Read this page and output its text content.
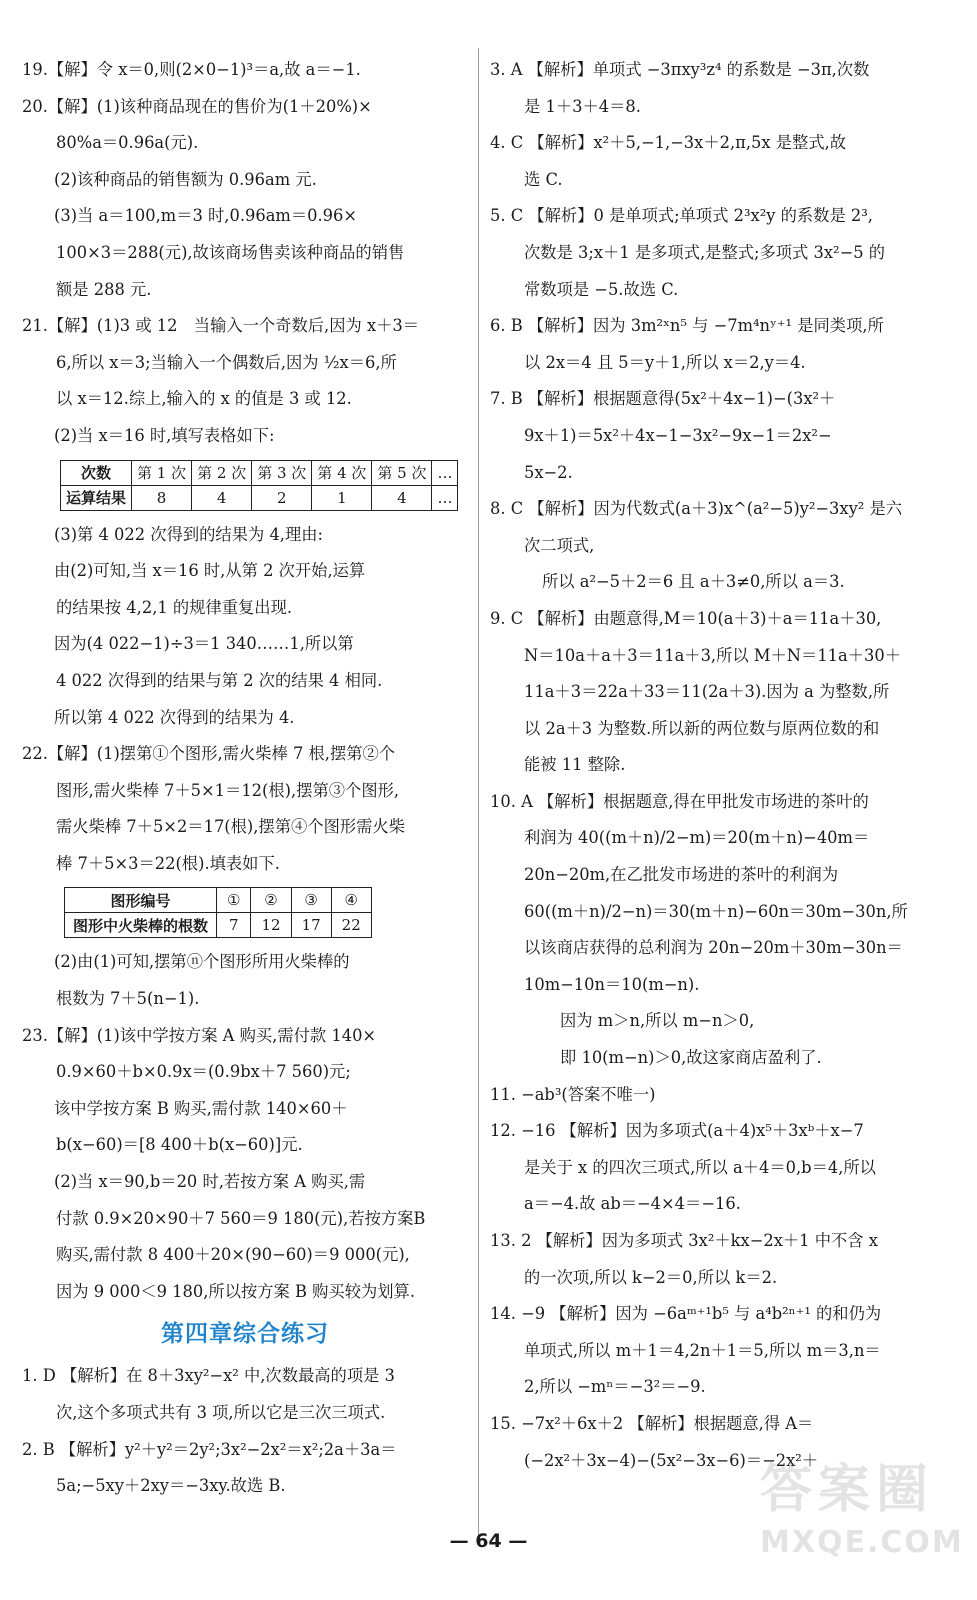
19.【解】令 x＝0,则(2×0−1)³＝a,故 a＝−1.
20.【解】(1)该种商品现在的售价为(1＋20%)×
80%a＝0.96a(元).
(2)该种商品的销售额为 0.96am 元.
(3)当 a＝100,m＝3 时,0.96am＝0.96×
100×3＝288(元),故该商场售卖该种商品的销售
额是 288 元.
21.【解】(1)3 或 12　当输入一个奇数后,因为 x＋3＝
6,所以 x＝3;当输入一个偶数后,因为 ½x＝6,所
以 x＝12.综上,输入的 x 的值是 3 或 12.
(2)当 x＝16 时,填写表格如下:
次数	第 1 次	第 2 次	第 3 次	第 4 次	第 5 次	…
运算结果	8	4	2	1	4	…
(3)第 4 022 次得到的结果为 4,理由:
由(2)可知,当 x＝16 时,从第 2 次开始,运算
的结果按 4,2,1 的规律重复出现.
因为(4 022−1)÷3＝1 340……1,所以第
4 022 次得到的结果与第 2 次的结果 4 相同.
所以第 4 022 次得到的结果为 4.
22.【解】(1)摆第①个图形,需火柴棒 7 根,摆第②个
图形,需火柴棒 7＋5×1＝12(根),摆第③个图形,
需火柴棒 7＋5×2＝17(根),摆第④个图形需火柴
棒 7＋5×3＝22(根).填表如下.
图形编号	①	②	③	④
图形中火柴棒的根数	7	12	17	22
(2)由(1)可知,摆第ⓝ个图形所用火柴棒的
根数为 7＋5(n−1).
23.【解】(1)该中学按方案 A 购买,需付款 140×
0.9×60＋b×0.9x＝(0.9bx＋7 560)元;
该中学按方案 B 购买,需付款 140×60＋
b(x−60)＝[8 400＋b(x−60)]元.
(2)当 x＝90,b＝20 时,若按方案 A 购买,需
付款 0.9×20×90＋7 560＝9 180(元),若按方案B
购买,需付款 8 400＋20×(90−60)＝9 000(元),
因为 9 000＜9 180,所以按方案 B 购买较为划算.
第四章综合练习
1. D 【解析】在 8＋3xy²−x² 中,次数最高的项是 3
次,这个多项式共有 3 项,所以它是三次三项式.
2. B 【解析】y²＋y²＝2y²;3x²−2x²＝x²;2a＋3a＝
5a;−5xy＋2xy＝−3xy.故选 B.
3. A 【解析】单项式 −3πxy³z⁴ 的系数是 −3π,次数
是 1＋3＋4＝8.
4. C 【解析】x²＋5,−1,−3x＋2,π,5x 是整式,故
选 C.
5. C 【解析】0 是单项式;单项式 2³x²y 的系数是 2³,
次数是 3;x＋1 是多项式,是整式;多项式 3x²−5 的
常数项是 −5.故选 C.
6. B 【解析】因为 3m²ˣn⁵ 与 −7m⁴nʸ⁺¹ 是同类项,所
以 2x＝4 且 5＝y＋1,所以 x＝2,y＝4.
7. B 【解析】根据题意得(5x²＋4x−1)−(3x²＋
9x＋1)＝5x²＋4x−1−3x²−9x−1＝2x²−
5x−2.
8. C 【解析】因为代数式(a＋3)x^(a²−5)y²−3xy² 是六
次二项式,
所以 a²−5＋2＝6 且 a＋3≠0,所以 a＝3.
9. C 【解析】由题意得,M＝10(a＋3)＋a＝11a＋30,
N＝10a＋a＋3＝11a＋3,所以 M＋N＝11a＋30＋
11a＋3＝22a＋33＝11(2a＋3).因为 a 为整数,所
以 2a＋3 为整数.所以新的两位数与原两位数的和
能被 11 整除.
10. A 【解析】根据题意,得在甲批发市场进的茶叶的
利润为 40((m＋n)/2−m)＝20(m＋n)−40m＝
20n−20m,在乙批发市场进的茶叶的利润为
60((m＋n)/2−n)＝30(m＋n)−60n＝30m−30n,所
以该商店获得的总利润为 20n−20m＋30m−30n＝
10m−10n＝10(m−n).
因为 m＞n,所以 m−n＞0,
即 10(m−n)＞0,故这家商店盈利了.
11. −ab³(答案不唯一)
12. −16 【解析】因为多项式(a＋4)x⁵＋3xᵇ＋x−7
是关于 x 的四次三项式,所以 a＋4＝0,b＝4,所以
a＝−4.故 ab＝−4×4＝−16.
13. 2 【解析】因为多项式 3x²＋kx−2x＋1 中不含 x
的一次项,所以 k−2＝0,所以 k＝2.
14. −9 【解析】因为 −6aᵐ⁺¹b⁵ 与 a⁴b²ⁿ⁺¹ 的和仍为
单项式,所以 m＋1＝4,2n＋1＝5,所以 m＝3,n＝
2,所以 −mⁿ＝−3²＝−9.
15. −7x²＋6x＋2 【解析】根据题意,得 A＝
(−2x²＋3x−4)−(5x²−3x−6)＝−2x²＋
— 64 —
答案圈
MXQE.COM
